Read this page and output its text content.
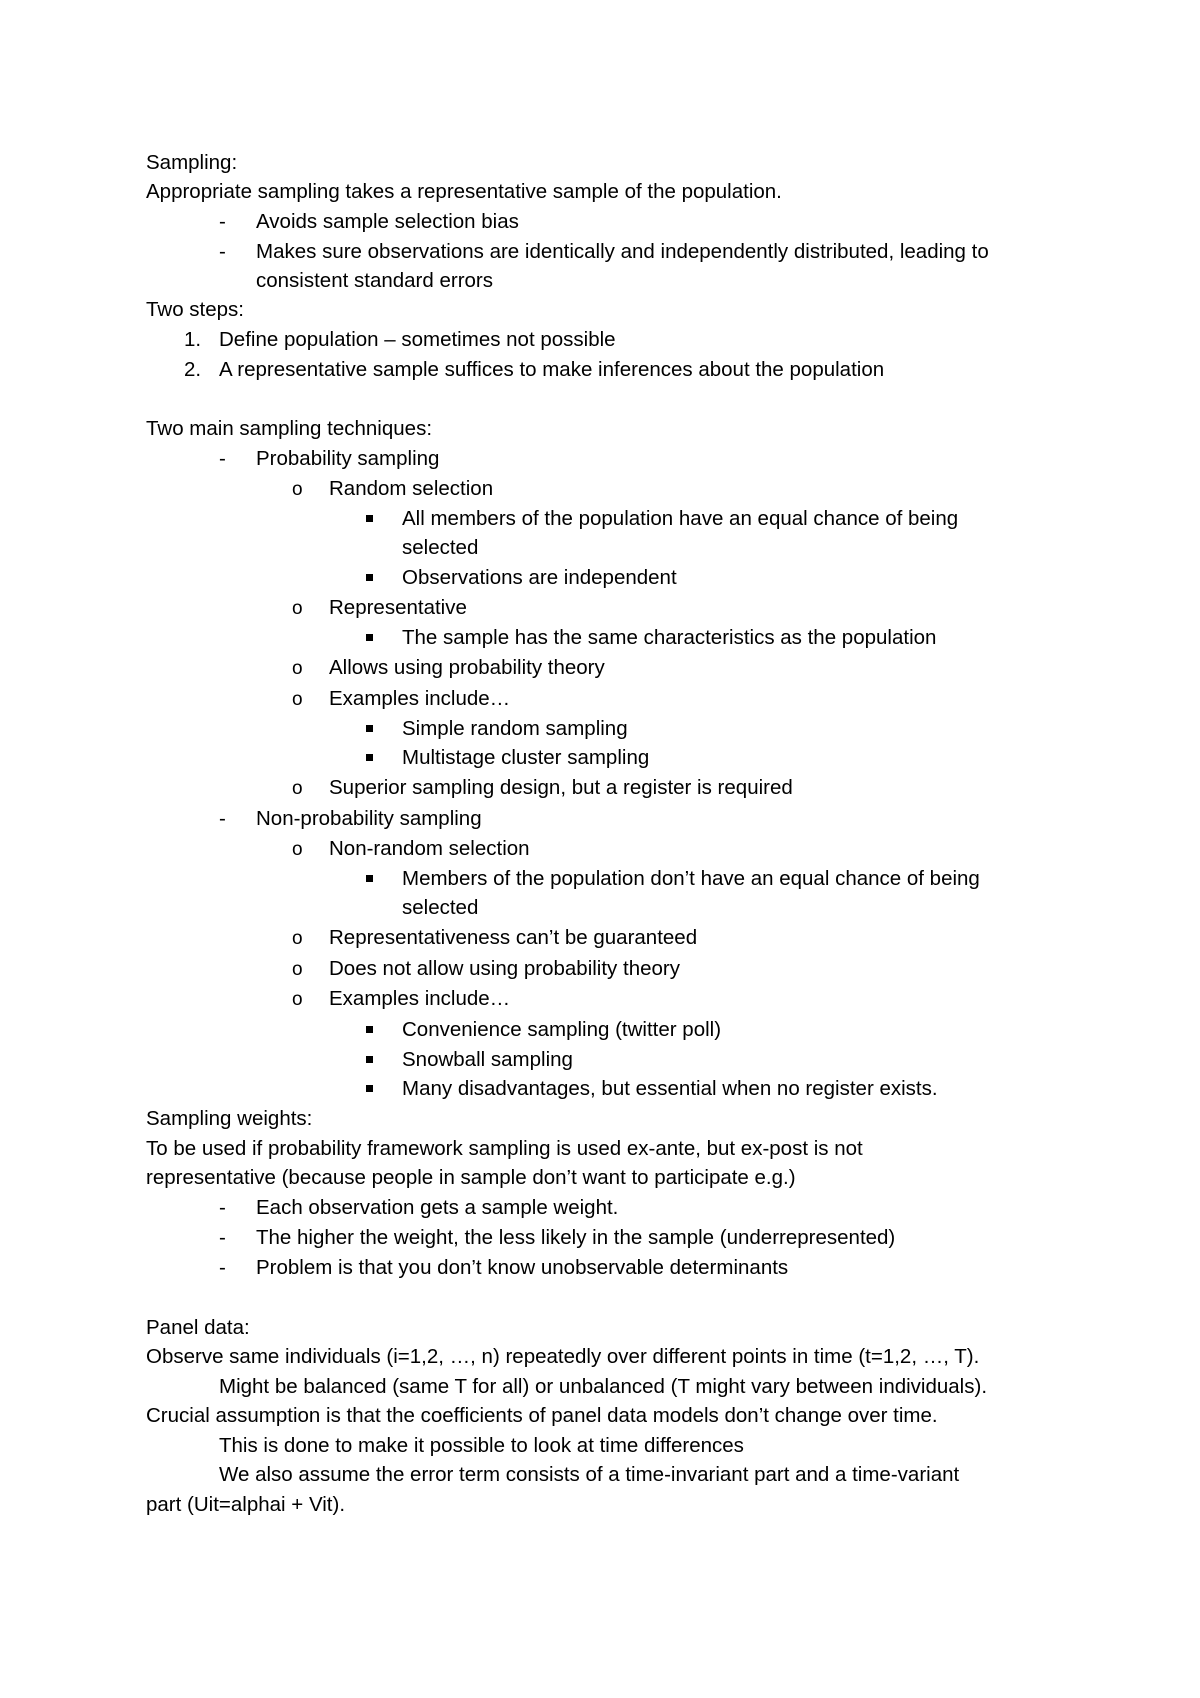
Sampling:
Appropriate sampling takes a representative sample of the population.
- Avoids sample selection bias
- Makes sure observations are identically and independently distributed, leading to
consistent standard errors
Two steps:
1. Define population – sometimes not possible
2. A representative sample suffices to make inferences about the population
Two main sampling techniques:
- Probability sampling
o Random selection
All members of the population have an equal chance of being
selected
Observations are independent
o Representative
The sample has the same characteristics as the population
o Allows using probability theory
o Examples include…
Simple random sampling
Multistage cluster sampling
o Superior sampling design, but a register is required
- Non-probability sampling
o Non-random selection
Members of the population don’t have an equal chance of being
selected
o Representativeness can’t be guaranteed
o Does not allow using probability theory
o Examples include…
Convenience sampling (twitter poll)
Snowball sampling
Many disadvantages, but essential when no register exists.
Sampling weights:
To be used if probability framework sampling is used ex-ante, but ex-post is not
representative (because people in sample don’t want to participate e.g.)
- Each observation gets a sample weight.
- The higher the weight, the less likely in the sample (underrepresented)
- Problem is that you don’t know unobservable determinants
Panel data:
Observe same individuals (i=1,2, …, n) repeatedly over different points in time (t=1,2, …, T).
Might be balanced (same T for all) or unbalanced (T might vary between individuals).
Crucial assumption is that the coefficients of panel data models don’t change over time.
This is done to make it possible to look at time differences
We also assume the error term consists of a time-invariant part and a time-variant
part (Uit=alphai + Vit).
